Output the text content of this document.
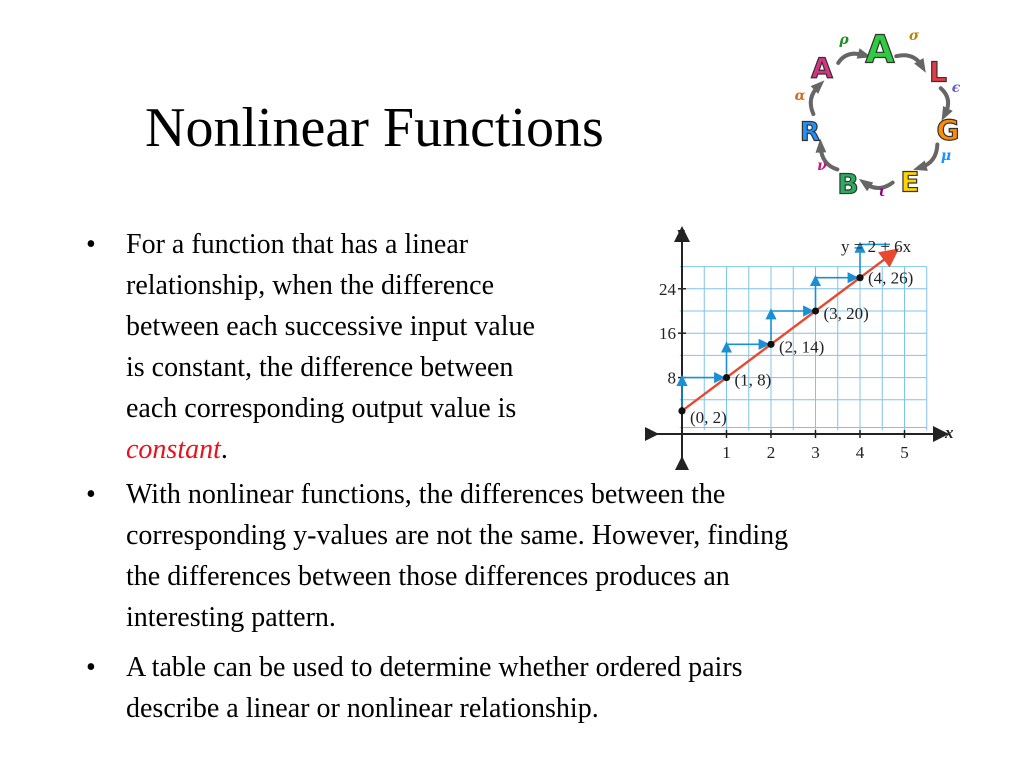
Nonlinear Functions
A
L
G
E
B
R
A
σ
ϵ
μ
ι
ν
α
ρ
• For a function that has a linear
relationship, when the difference
between each successive input value
is constant, the difference between
each corresponding output value is
constant.
• With nonlinear functions, the differences between the
corresponding y-values are not the same. However, finding
the differences between those differences produces an
interesting pattern.
• A table can be used to determine whether ordered pairs
describe a linear or nonlinear relationship.
1 2 3 4 5
8
16
24
x
y
(0, 2)
(1, 8)
(2, 14)
(3, 20)
(4, 26)
y = 2 + 6x
